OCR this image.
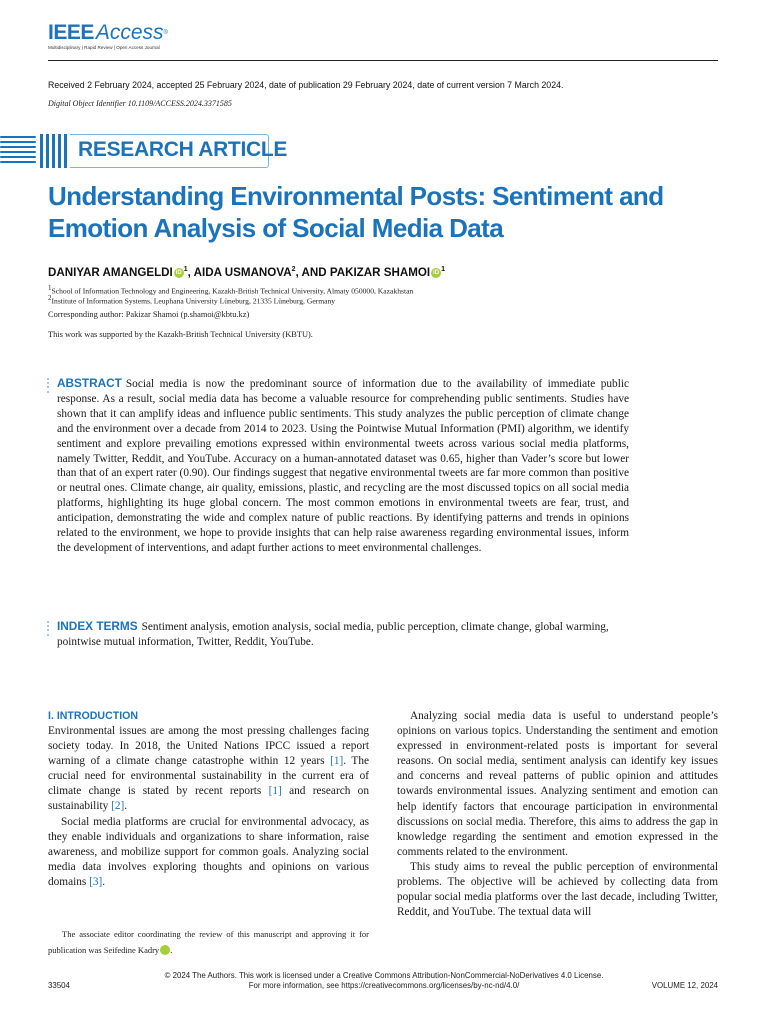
IEEEAccess®
Multidisciplinary | Rapid Review | Open Access Journal
Received 2 February 2024, accepted 25 February 2024, date of publication 29 February 2024, date of current version 7 March 2024.
Digital Object Identifier 10.1109/ACCESS.2024.3371585
RESEARCH ARTICLE
Understanding Environmental Posts: Sentiment and Emotion Analysis of Social Media Data
DANIYAR AMANGELDI iD $^1$, AIDA USMANOVA$^2$, AND PAKIZAR SHAMOI iD $^1$
$^1$School of Information Technology and Engineering, Kazakh-British Technical University, Almaty 050000, Kazakhstan
$^2$Institute of Information Systems, Leuphana University Lüneburg, 21335 Lüneburg, Germany
Corresponding author: Pakizar Shamoi (p.shamoi@kbtu.kz)
This work was supported by the Kazakh-British Technical University (KBTU).
ABSTRACT Social media is now the predominant source of information due to the availability of immediate public response. As a result, social media data has become a valuable resource for comprehending public sentiments. Studies have shown that it can amplify ideas and influence public sentiments. This study analyzes the public perception of climate change and the environment over a decade from 2014 to 2023. Using the Pointwise Mutual Information (PMI) algorithm, we identify sentiment and explore prevailing emotions expressed within environmental tweets across various social media platforms, namely Twitter, Reddit, and YouTube. Accuracy on a human-annotated dataset was 0.65, higher than Vader’s score but lower than that of an expert rater (0.90). Our findings suggest that negative environmental tweets are far more common than positive or neutral ones. Climate change, air quality, emissions, plastic, and recycling are the most discussed topics on all social media platforms, highlighting its huge global concern. The most common emotions in environmental tweets are fear, trust, and anticipation, demonstrating the wide and complex nature of public reactions. By identifying patterns and trends in opinions related to the environment, we hope to provide insights that can help raise awareness regarding environmental issues, inform the development of interventions, and adapt further actions to meet environmental challenges.
INDEX TERMS Sentiment analysis, emotion analysis, social media, public perception, climate change, global warming, pointwise mutual information, Twitter, Reddit, YouTube.
I. INTRODUCTION

Environmental issues are among the most pressing challenges facing society today. In 2018, the United Nations IPCC issued a report warning of a climate change catastrophe within 12 years [1]. The crucial need for environmental sustainability in the current era of climate change is stated by recent reports [1] and research on sustainability [2].

Social media platforms are crucial for environmental advocacy, as they enable individuals and organizations to share information, raise awareness, and mobilize support for common goals. Analyzing social media data involves exploring thoughts and opinions on various domains [3].

Analyzing social media data is useful to understand people’s opinions on various topics. Understanding the sentiment and emotion expressed in environment-related posts is important for several reasons. On social media, sentiment analysis can identify key issues and concerns and reveal patterns of public opinion and attitudes towards environmental issues. Analyzing sentiment and emotion can help identify factors that encourage participation in environmental discussions on social media. Therefore, this aims to address the gap in knowledge regarding the sentiment and emotion expressed in the comments related to the environment.

This study aims to reveal the public perception of environmental problems. The objective will be achieved by collecting data from popular social media platforms over the last decade, including Twitter, Reddit, and YouTube. The textual data will

The associate editor coordinating the review of this manuscript and approving it for publication was Seifedine Kadry	iD.
© 2024 The Authors. This work is licensed under a Creative Commons Attribution-NonCommercial-NoDerivatives 4.0 License.
For more information, see https://creativecommons.org/licenses/by-nc-nd/4.0/
33504	VOLUME 12, 2024
